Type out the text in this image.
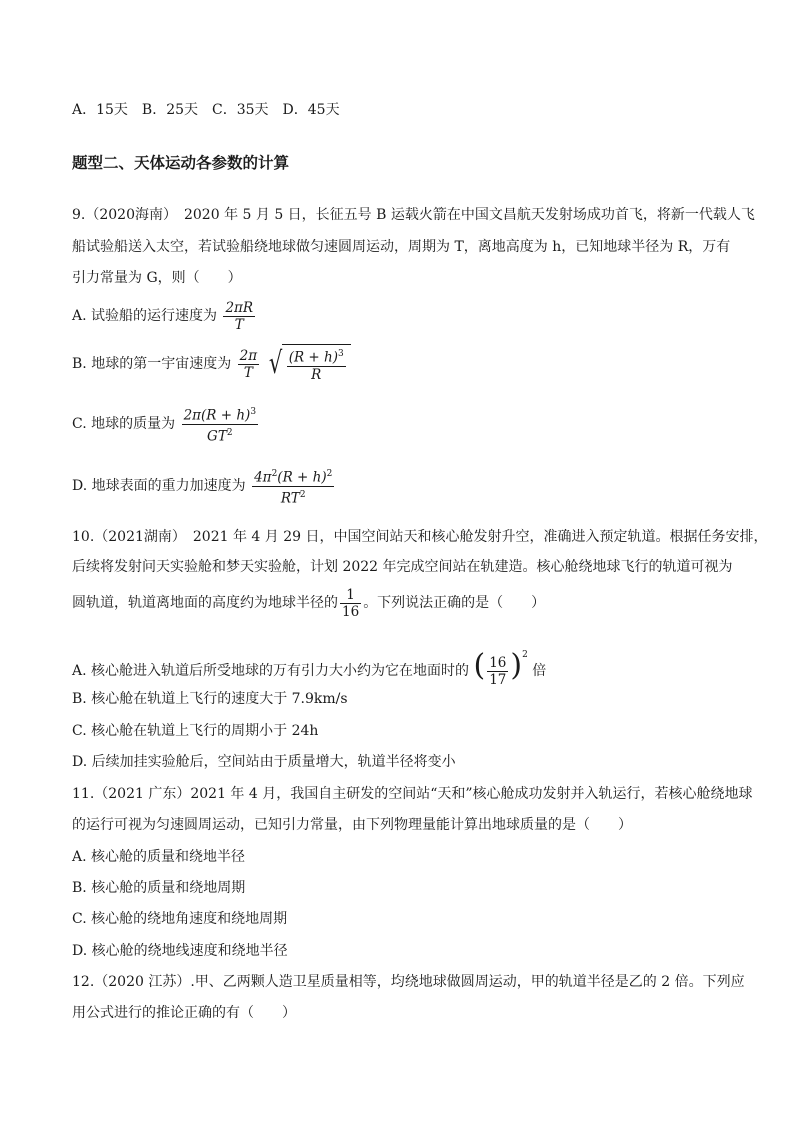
A．15天　B．25天　C．35天　D．45天
题型二、天体运动各参数的计算
9.（2020海南）　2020 年 5 月 5 日，长征五号 B 运载火箭在中国文昌航天发射场成功首飞，将新一代载人飞
船试验船送入太空，若试验船绕地球做匀速圆周运动，周期为 T，离地高度为 h，已知地球半径为 R，万有
引力常量为 G，则（　　）
A. 试验船的运行速度为 $\frac{2\pi R}{T}$
B. 地球的第一宇宙速度为 $\frac{2\pi}{T}$
√ $\frac{(R + h)^3}{R}$
C. 地球的质量为 $\frac{2\pi(R + h)^3}{GT^2}$
D. 地球表面的重力加速度为 $\frac{4\pi^2(R + h)^2}{RT^2}$
10.（2021湖南）　2021 年 4 月 29 日，中国空间站天和核心舱发射升空，准确进入预定轨道。根据任务安排，
后续将发射问天实验舱和梦天实验舱，计划 2022 年完成空间站在轨建造。核心舱绕地球飞行的轨道可视为
圆轨道，轨道离地面的高度约为地球半径的 $\frac{1}{16}$ 。下列说法正确的是（　　）
A. 核心舱进入轨道后所受地球的万有引力大小约为它在地面时的 ( $\frac{16}{17} )^2$ 倍
B. 核心舱在轨道上飞行的速度大于 7.9km/s
C. 核心舱在轨道上飞行的周期小于 24h
D. 后续加挂实验舱后，空间站由于质量增大，轨道半径将变小
11.（2021 广东）2021 年 4 月，我国自主研发的空间站“天和”核心舱成功发射并入轨运行，若核心舱绕地球
的运行可视为匀速圆周运动，已知引力常量，由下列物理量能计算出地球质量的是（　　）
A. 核心舱的质量和绕地半径
B. 核心舱的质量和绕地周期
C. 核心舱的绕地角速度和绕地周期
D. 核心舱的绕地线速度和绕地半径
12.（2020 江苏）.甲、乙两颗人造卫星质量相等，均绕地球做圆周运动，甲的轨道半径是乙的 2 倍。下列应
用公式进行的推论正确的有（　　）
